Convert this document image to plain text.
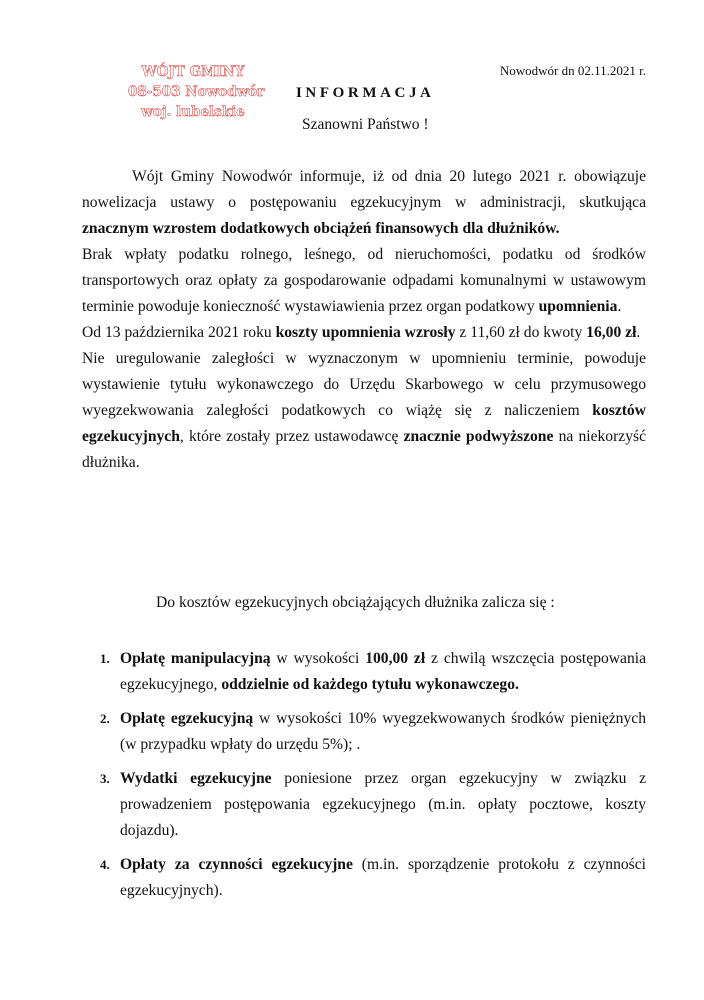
WÓJT GMINY
08-503 Nowodwór
woj. lubelskie
Nowodwór dn 02.11.2021 r.
INFORMACJA
Szanowni Państwo !

Wójt Gminy Nowodwór informuje, iż od dnia 20 lutego 2021 r. obowiązuje nowelizacja ustawy o postępowaniu egzekucyjnym w administracji, skutkująca znacznym wzrostem dodatkowych obciążeń finansowych dla dłużników.

Brak wpłaty podatku rolnego, leśnego, od nieruchomości, podatku od środków transportowych oraz opłaty za gospodarowanie odpadami komunalnymi w ustawowym terminie powoduje konieczność wystawiawienia przez organ podatkowy upomnienia.

Od 13 października 2021 roku koszty upomnienia wzrosły z 11,60 zł do kwoty 16,00 zł.

Nie uregulowanie zaległości w wyznaczonym w upomnieniu terminie, powoduje wystawienie tytułu wykonawczego do Urzędu Skarbowego w celu przymusowego wyegzekwowania zaległości podatkowych co wiążę się z naliczeniem kosztów egzekucyjnych, które zostały przez ustawodawcę znacznie podwyższone na niekorzyść dłużnika.

Do kosztów egzekucyjnych obciążających dłużnika zalicza się :
1. Opłatę manipulacyjną w wysokości 100,00 zł z chwilą wszczęcia postępowania egzekucyjnego, oddzielnie od każdego tytułu wykonawczego.
2. Opłatę egzekucyjną w wysokości 10% wyegzekwowanych środków pieniężnych (w przypadku wpłaty do urzędu 5%); .
3. Wydatki egzekucyjne poniesione przez organ egzekucyjny w związku z prowadzeniem postępowania egzekucyjnego (m.in. opłaty pocztowe, koszty dojazdu).
4. Opłaty za czynności egzekucyjne (m.in. sporządzenie protokołu z czynności egzekucyjnych).
